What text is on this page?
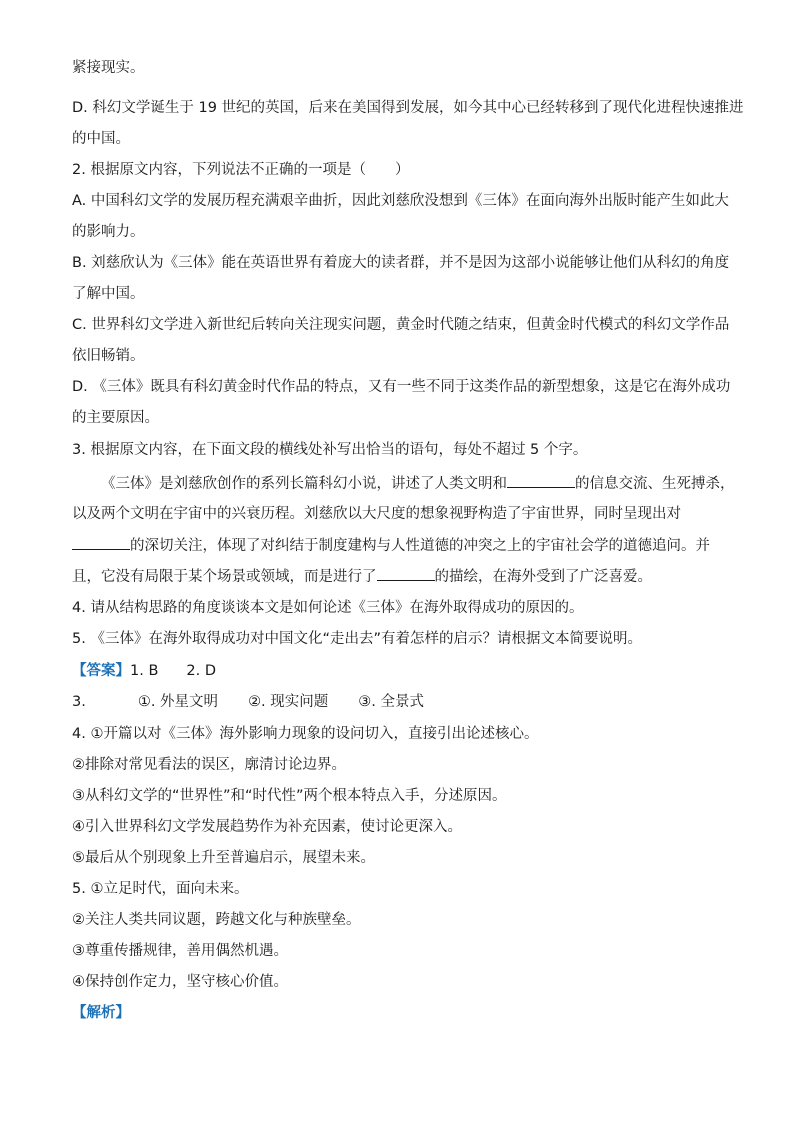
紧接现实。
D. 科幻文学诞生于 19 世纪的英国，后来在美国得到发展，如今其中心已经转移到了现代化进程快速推进
的中国。
2. 根据原文内容，下列说法不正确的一项是（　　）
A. 中国科幻文学的发展历程充满艰辛曲折，因此刘慈欣没想到《三体》在面向海外出版时能产生如此大
的影响力。
B. 刘慈欣认为《三体》能在英语世界有着庞大的读者群，并不是因为这部小说能够让他们从科幻的角度
了解中国。
C. 世界科幻文学进入新世纪后转向关注现实问题，黄金时代随之结束，但黄金时代模式的科幻文学作品
依旧畅销。
D. 《三体》既具有科幻黄金时代作品的特点，又有一些不同于这类作品的新型想象，这是它在海外成功
的主要原因。
3. 根据原文内容，在下面文段的横线处补写出恰当的语句，每处不超过 5 个字。
《三体》是刘慈欣创作的系列长篇科幻小说，讲述了人类文明和	的信息交流、生死搏杀，
以及两个文明在宇宙中的兴衰历程。刘慈欣以大尺度的想象视野构造了宇宙世界，同时呈现出对
的深切关注，体现了对纠结于制度建构与人性道德的冲突之上的宇宙社会学的道德追问。并
且，它没有局限于某个场景或领域，而是进行了	的描绘，在海外受到了广泛喜爱。
4. 请从结构思路的角度谈谈本文是如何论述《三体》在海外取得成功的原因的。
5. 《三体》在海外取得成功对中国文化“走出去”有着怎样的启示？请根据文本简要说明。
【答案】1. B 2. D
3.	①. 外星文明 ②. 现实问题 ③. 全景式
4. ①开篇以对《三体》海外影响力现象的设问切入，直接引出论述核心。
②排除对常见看法的误区，廓清讨论边界。
③从科幻文学的“世界性”和“时代性”两个根本特点入手，分述原因。
④引入世界科幻文学发展趋势作为补充因素，使讨论更深入。
⑤最后从个别现象上升至普遍启示，展望未来。
5. ①立足时代，面向未来。
②关注人类共同议题，跨越文化与种族壁垒。
③尊重传播规律，善用偶然机遇。
④保持创作定力，坚守核心价值。
【解析】
